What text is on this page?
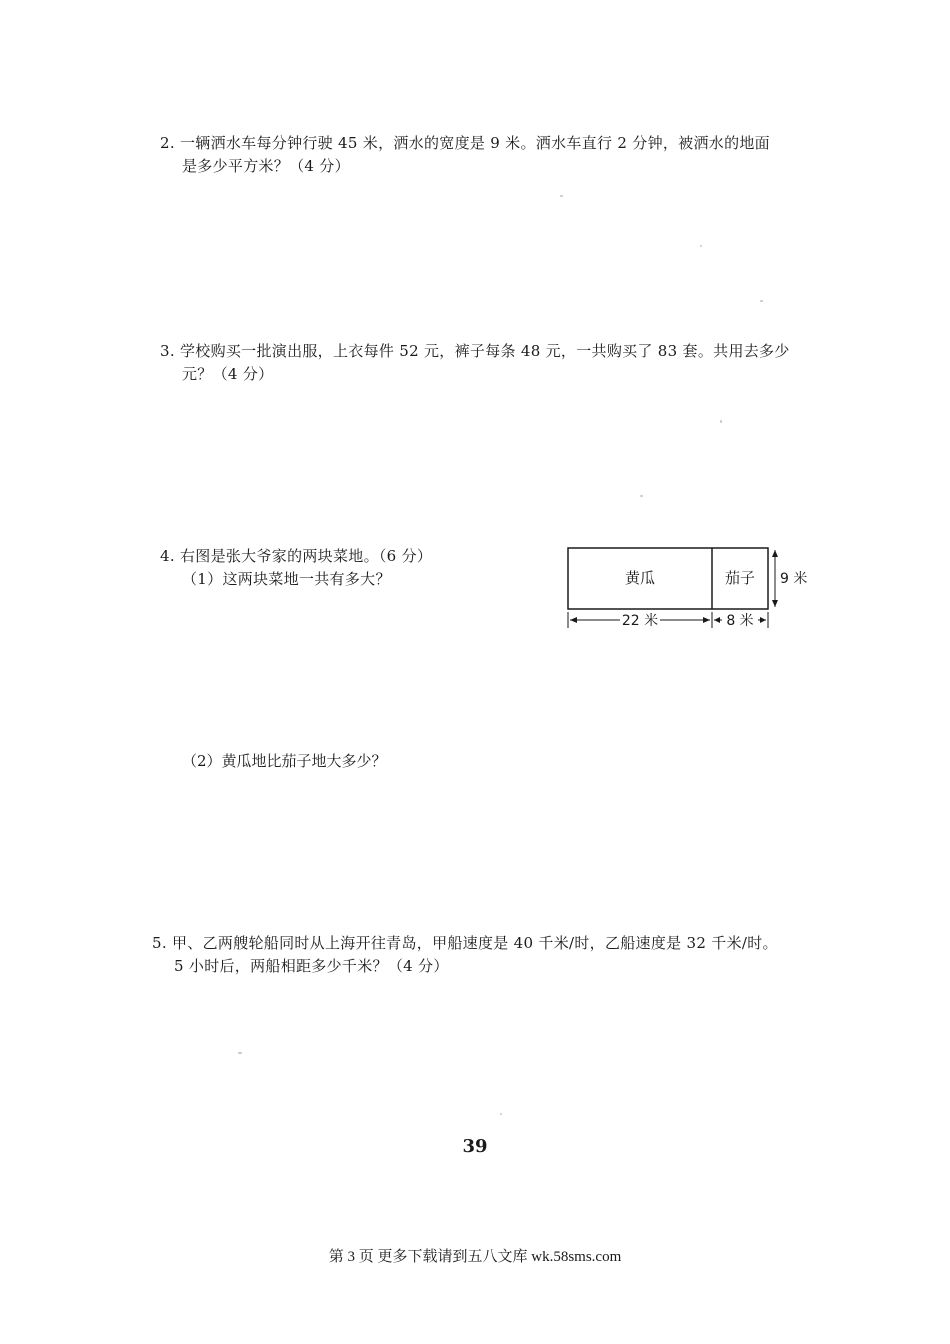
2. 一辆洒水车每分钟行驶 45 米，洒水的宽度是 9 米。洒水车直行 2 分钟，被洒水的地面
是多少平方米？（4 分）
3. 学校购买一批演出服，上衣每件 52 元，裤子每条 48 元，一共购买了 83 套。共用去多少
元？（4 分）
4. 右图是张大爷家的两块菜地。（6 分）
（1）这两块菜地一共有多大？
（2）黄瓜地比茄子地大多少？
黄瓜	茄子 9 米
22 米	8 米
5. 甲、乙两艘轮船同时从上海开往青岛，甲船速度是 40 千米/时，乙船速度是 32 千米/时。
5 小时后，两船相距多少千米？（4 分）
39
第 3 页 更多下载请到五八文库 wk.58sms.com
